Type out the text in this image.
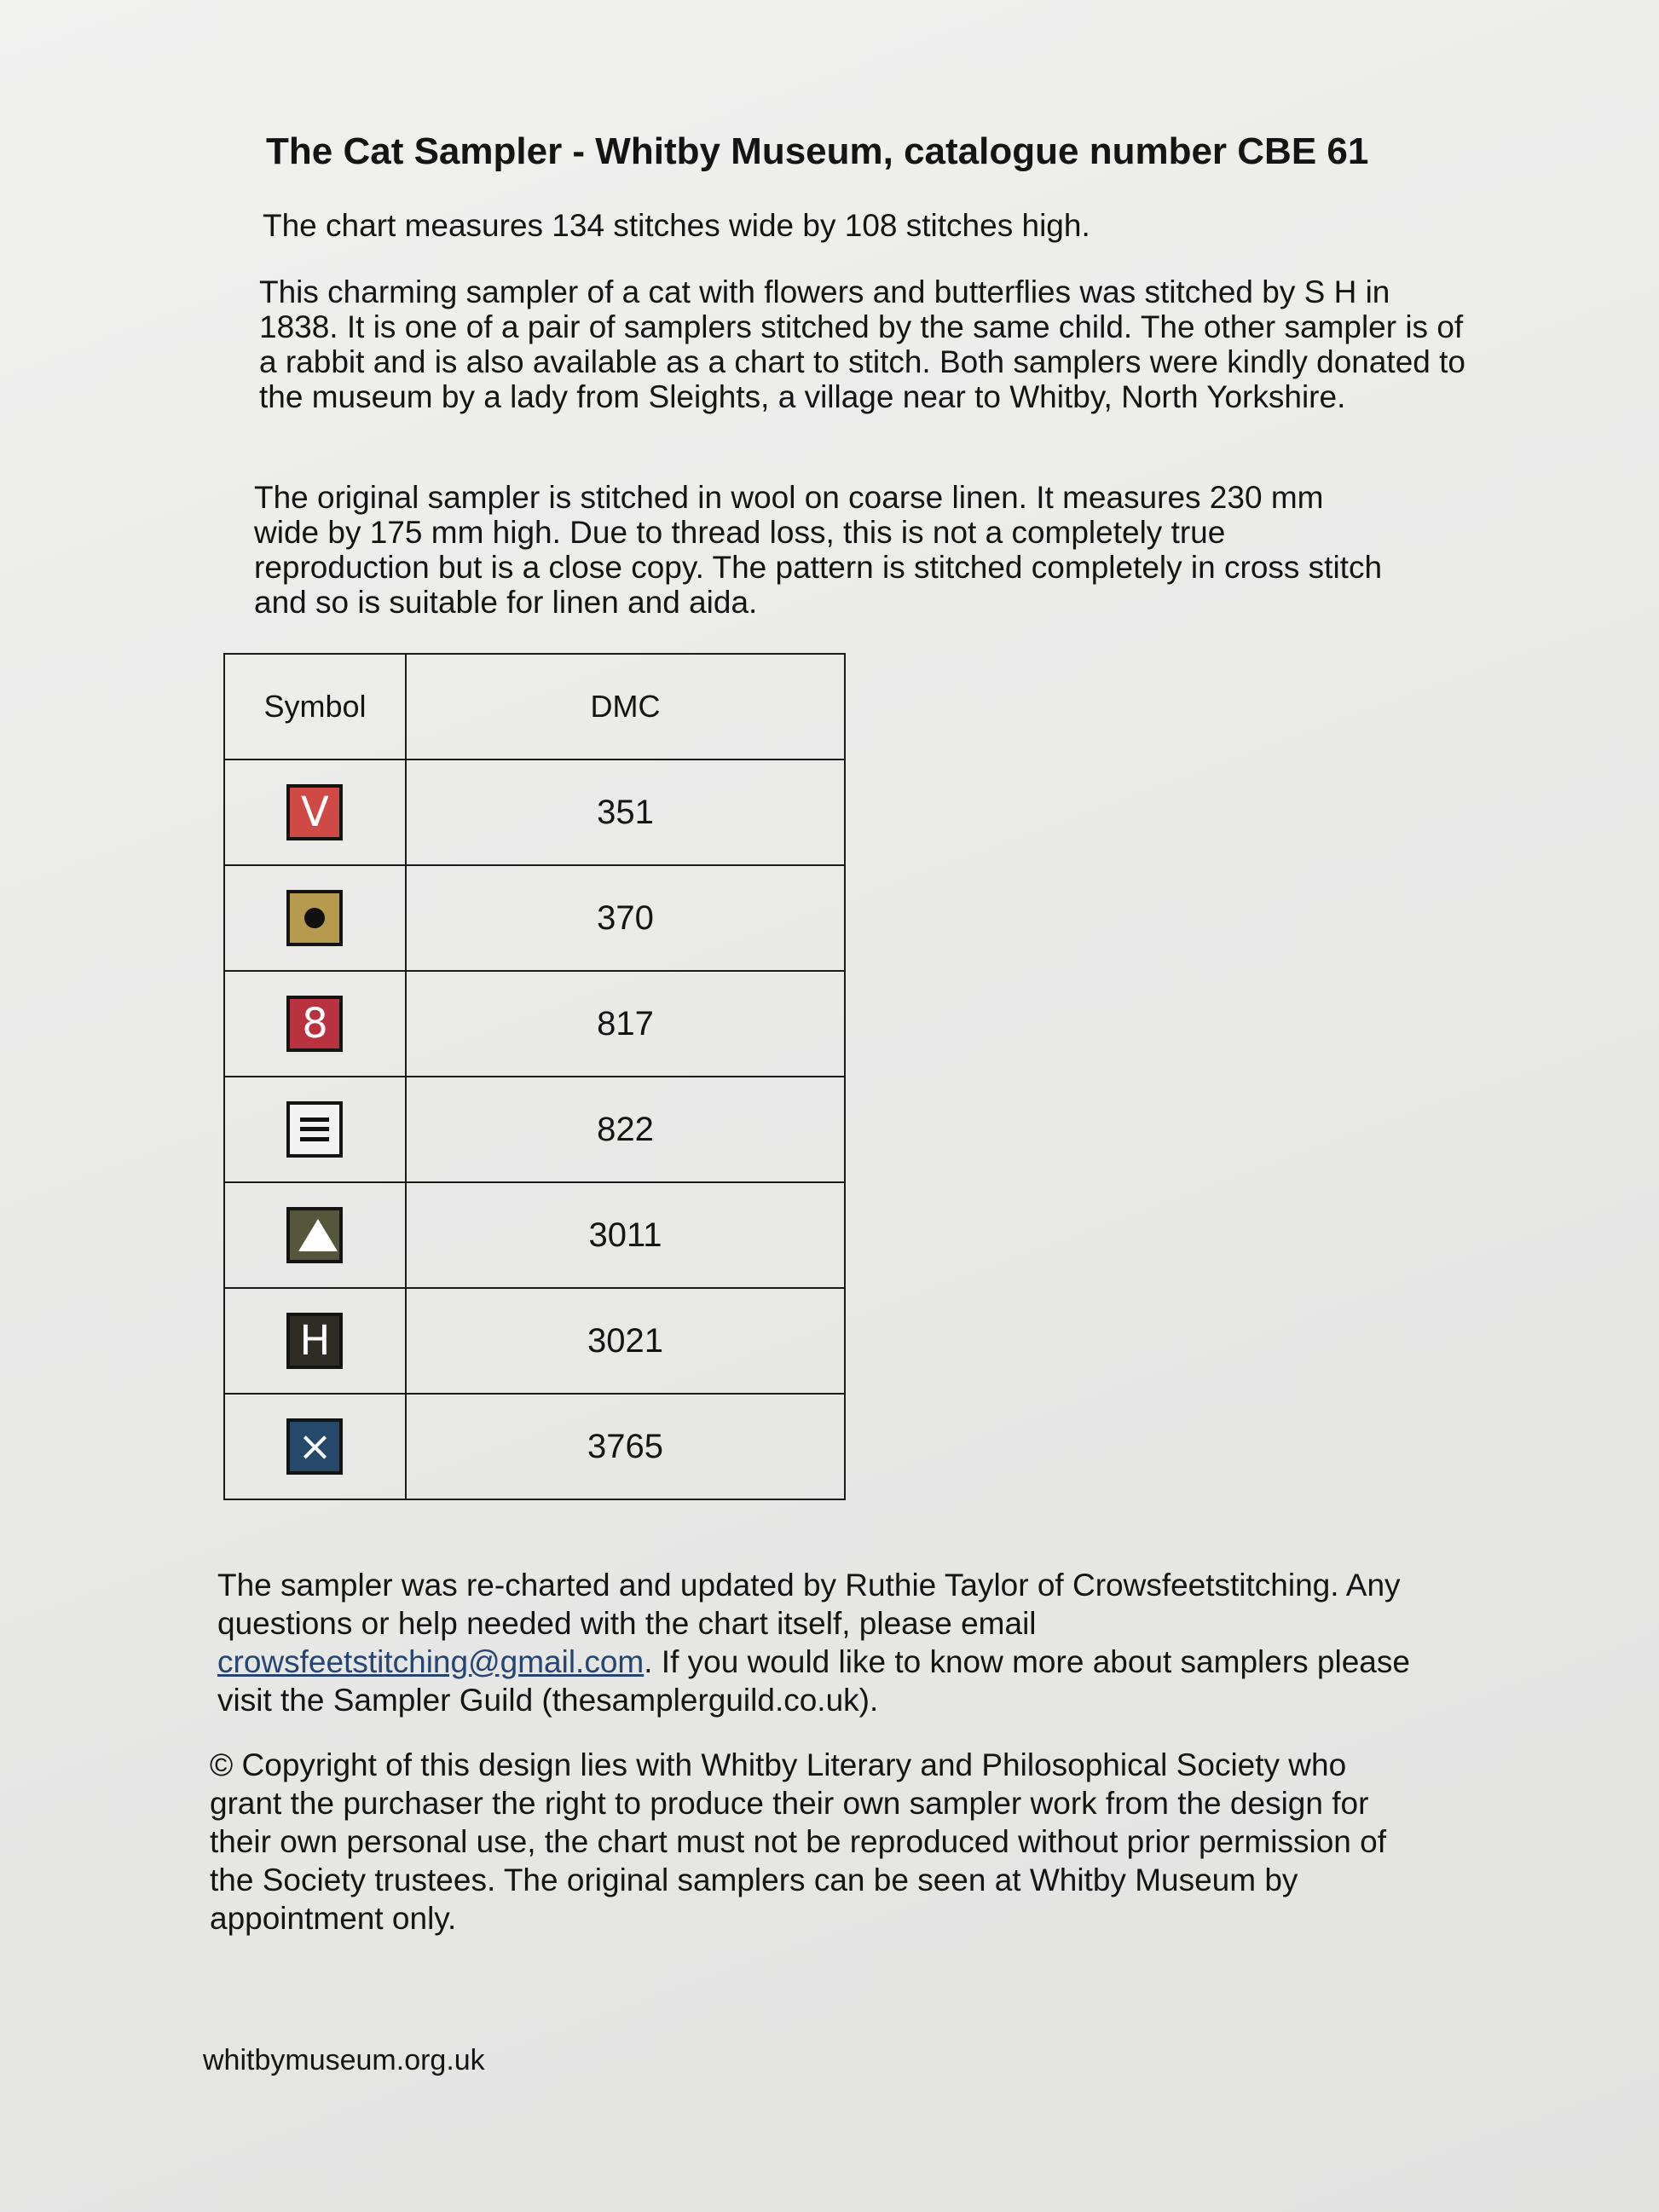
The Cat Sampler - Whitby Museum, catalogue number CBE 61

The chart measures 134 stitches wide by 108 stitches high.

This charming sampler of a cat with flowers and butterflies was stitched by S H in 1838. It is one of a pair of samplers stitched by the same child. The other sampler is of a rabbit and is also available as a chart to stitch. Both samplers were kindly donated to the museum by a lady from Sleights, a village near to Whitby, North Yorkshire.

The original sampler is stitched in wool on coarse linen. It measures 230 mm wide by 175 mm high. Due to thread loss, this is not a completely true reproduction but is a close copy. The pattern is stitched completely in cross stitch and so is suitable for linen and aida.

Symbol	DMC
V	351

	370
8	817

	822

	3011
H	3021
×	3765

The sampler was re-charted and updated by Ruthie Taylor of Crowsfeetstitching. Any questions or help needed with the chart itself, please email crowsfeetstitching@gmail.com. If you would like to know more about samplers please visit the Sampler Guild (thesamplerguild.co.uk).

© Copyright of this design lies with Whitby Literary and Philosophical Society who grant the purchaser the right to produce their own sampler work from the design for their own personal use, the chart must not be reproduced without prior permission of the Society trustees. The original samplers can be seen at Whitby Museum by appointment only.

whitbymuseum.org.uk
